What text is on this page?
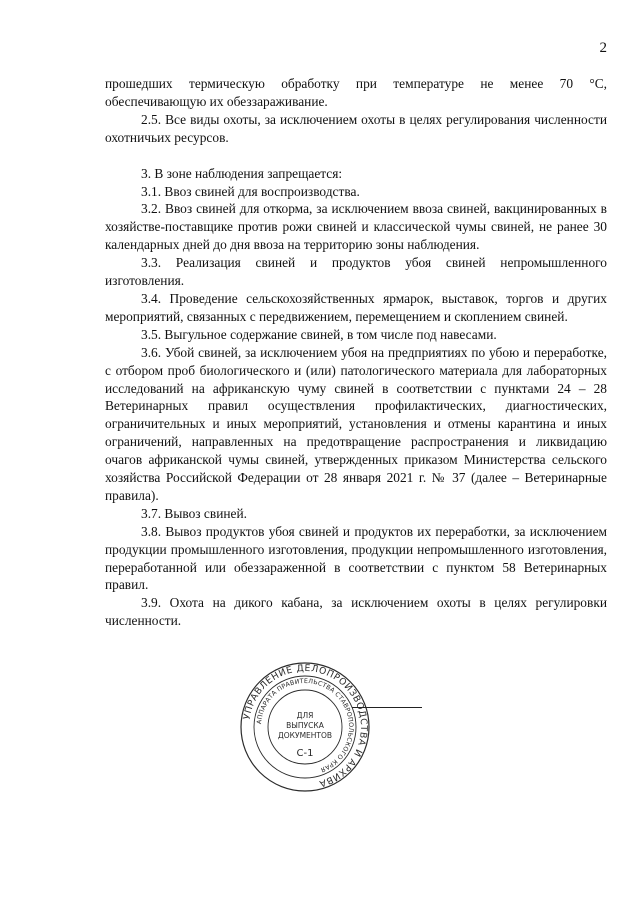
2

прошедших термическую обработку при температуре не менее 70 °С, обеспечивающую их обеззараживание.

2.5. Все виды охоты, за исключением охоты в целях регулирования численности охотничьих ресурсов.

3. В зоне наблюдения запрещается:

3.1. Ввоз свиней для воспроизводства.

3.2. Ввоз свиней для откорма, за исключением ввоза свиней, вакцинированных в хозяйстве-поставщике против рожи свиней и классической чумы свиней, не ранее 30 календарных дней до дня ввоза на территорию зоны наблюдения.

3.3. Реализация свиней и продуктов убоя свиней непромышленного изготовления.

3.4. Проведение сельскохозяйственных ярмарок, выставок, торгов и других мероприятий, связанных с передвижением, перемещением и скоплением свиней.

3.5. Выгульное содержание свиней, в том числе под навесами.

3.6. Убой свиней, за исключением убоя на предприятиях по убою и переработке, с отбором проб биологического и (или) патологического материала для лабораторных исследований на африканскую чуму свиней в соответствии с пунктами 24 – 28 Ветеринарных правил осуществления профилактических, диагностических, ограничительных и иных мероприятий, установления и отмены карантина и иных ограничений, направленных на предотвращение распространения и ликвидацию очагов африканской чумы свиней, утвержденных приказом Министерства сельского хозяйства Российской Федерации от 28 января 2021 г. № 37 (далее – Ветеринарные правила).

3.7. Вывоз свиней.

3.8. Вывоз продуктов убоя свиней и продуктов их переработки, за исключением продукции промышленного изготовления, продукции непромышленного изготовления, переработанной или обеззараженной в соответствии с пунктом 58 Ветеринарных правил.

3.9. Охота на дикого кабана, за исключением охоты в целях регулировки численности.

УПРАВЛЕНИЕ ДЕЛОПРОИЗВОДСТВА И АРХИВА
АППАРАТА ПРАВИТЕЛЬСТВА СТАВРОПОЛЬСКОГО КРАЯ
ДЛЯ
ВЫПУСКА
ДОКУМЕНТОВ
С-1
